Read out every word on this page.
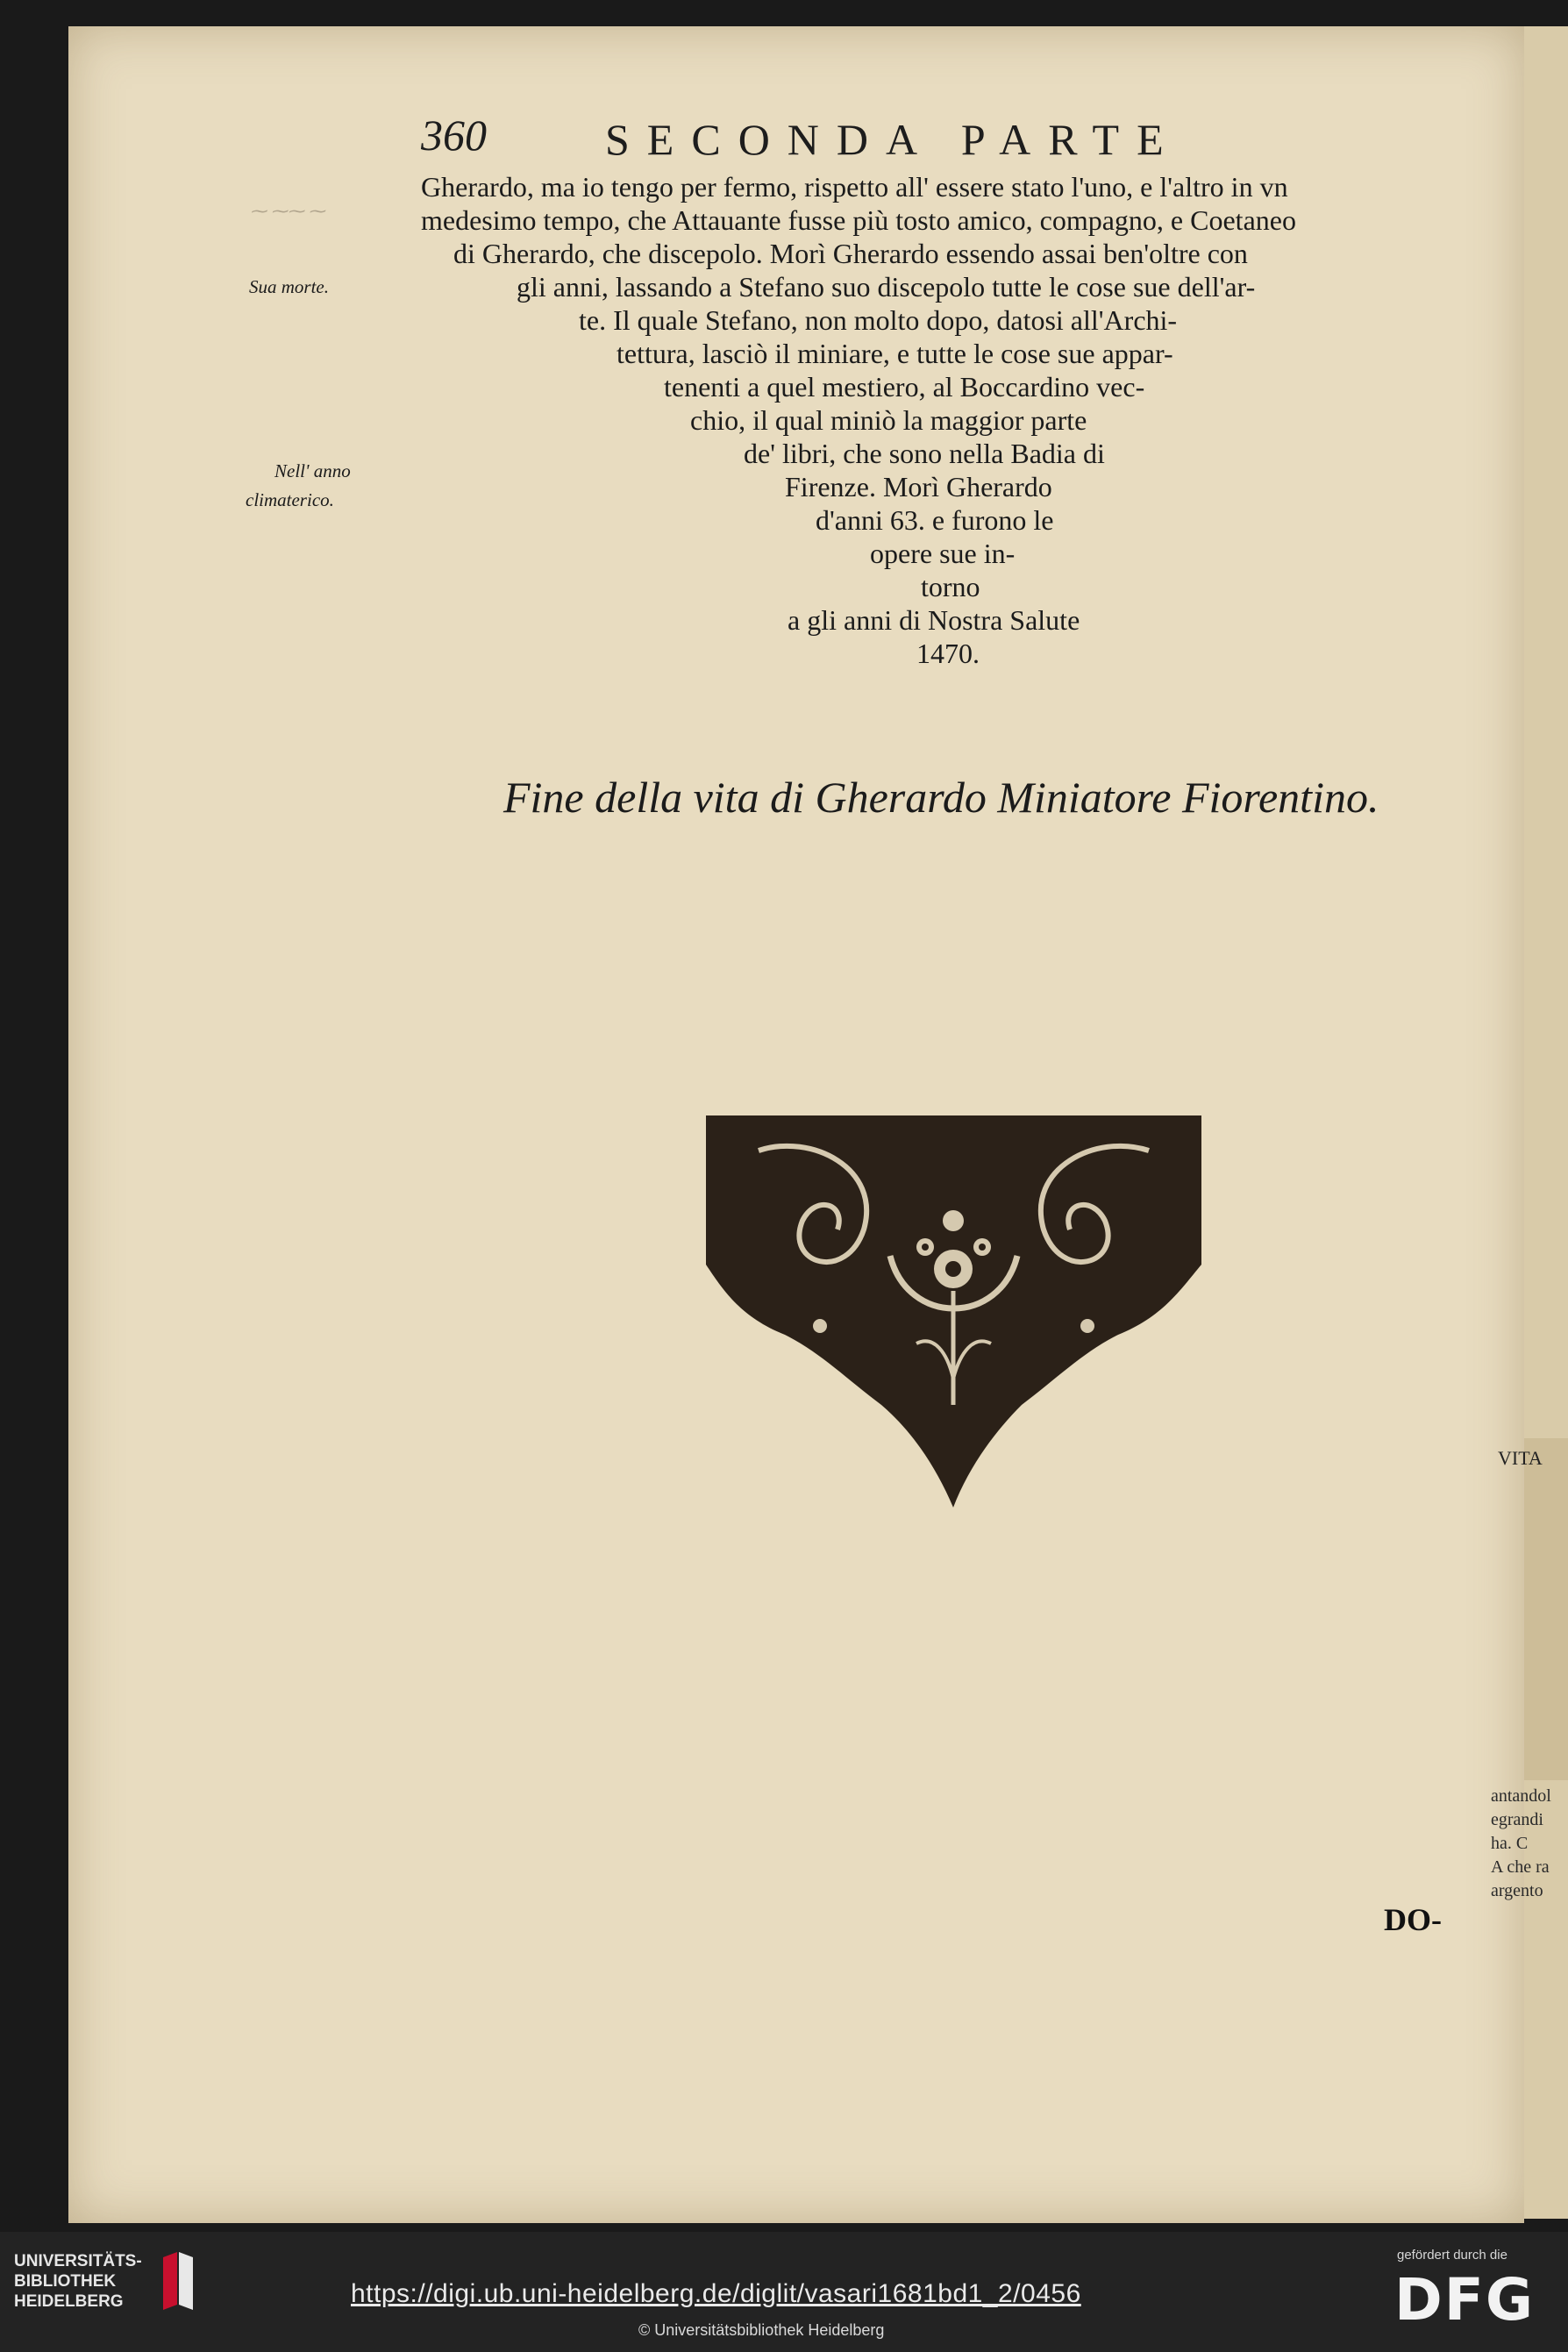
⁓ ⁓⁓ ⁓
360	SECONDA PARTE
Sua morte.
Nell' anno
climaterico.
Gherardo, ma io tengo per fermo, rispetto all' essere stato l'uno, e l'altro in vn
medesimo tempo, che Attauante fusse più tosto amico, compagno, e Coetaneo
di Gherardo, che discepolo. Morì Gherardo essendo assai ben'oltre con
gli anni, lassando a Stefano suo discepolo tutte le cose sue dell'ar-
te. Il quale Stefano, non molto dopo, datosi all'Archi-
tettura, lasciò il miniare, e tutte le cose sue appar-
tenenti a quel mestiero, al Boccardino vec-
chio, il qual miniò la maggior parte
de' libri, che sono nella Badia di
Firenze. Morì Gherardo
d'anni 63. e furono le
opere sue in-
torno
a gli anni di Nostra Salute
1470.
Fine della vita di Gherardo Miniatore Fiorentino.
DO-
VITA
antandol
egrandi
ha. C
A che ra
argento
UNIVERSITÄTS-
BIBLIOTHEK
HEIDELBERG	https://digi.ub.uni-heidelberg.de/diglit/vasari1681bd1_2/0456
© Universitätsbibliothek Heidelberg
gefördert durch die
DFG
